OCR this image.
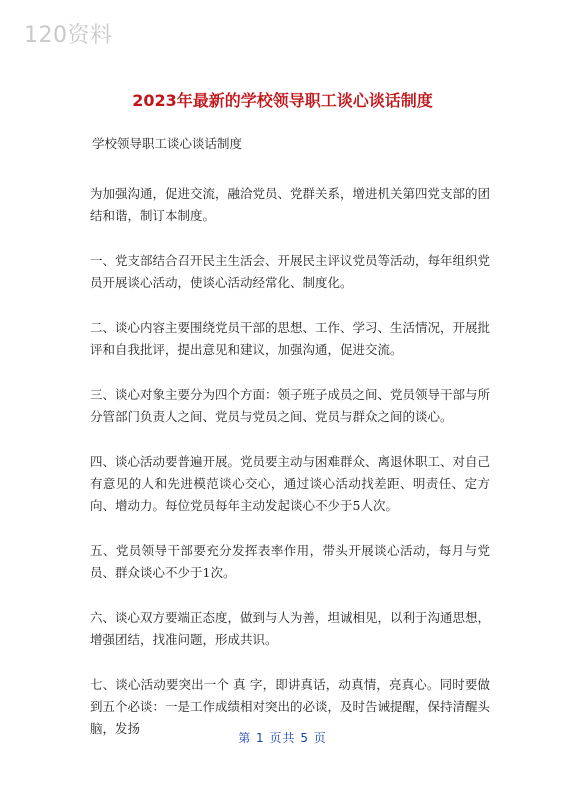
120资料
2023年最新的学校领导职工谈心谈话制度

学校领导职工谈心谈话制度

为加强沟通，促进交流，融洽党员、党群关系，增进机关第四党支部的团结和谐，制订本制度。

一、党支部结合召开民主生活会、开展民主评议党员等活动，每年组织党员开展谈心活动，使谈心活动经常化、制度化。

二、谈心内容主要围绕党员干部的思想、工作、学习、生活情况，开展批评和自我批评，提出意见和建议，加强沟通，促进交流。

三、谈心对象主要分为四个方面：领子班子成员之间、党员领导干部与所分管部门负责人之间、党员与党员之间、党员与群众之间的谈心。

四、谈心活动要普遍开展。党员要主动与困难群众、离退休职工、对自己有意见的人和先进模范谈心交心，通过谈心活动找差距、明责任、定方向、增动力。每位党员每年主动发起谈心不少于5人次。

五、党员领导干部要充分发挥表率作用，带头开展谈心活动，每月与党员、群众谈心不少于1次。

六、谈心双方要端正态度，做到与人为善，坦诚相见，以利于沟通思想，增强团结，找准问题，形成共识。

七、谈心活动要突出一个 真 字，即讲真话，动真情，亮真心。同时要做到五个必谈：一是工作成绩相对突出的必谈，及时告诫提醒，保持清醒头脑，发扬

第 1 页共 5 页
